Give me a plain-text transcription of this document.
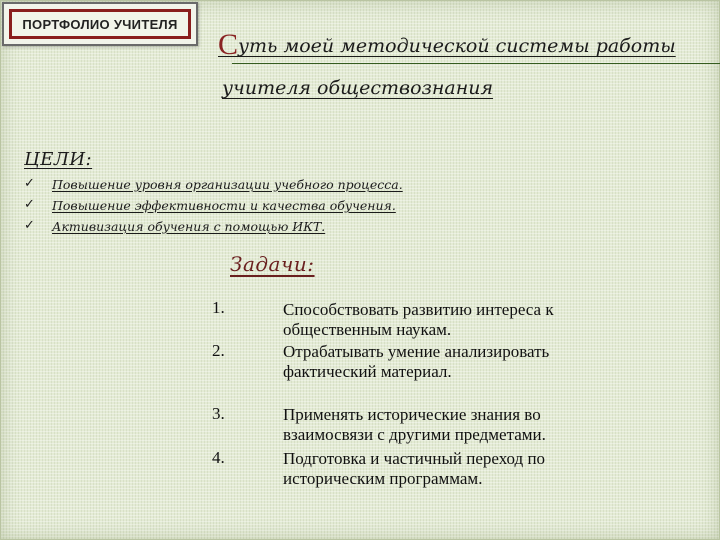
ПОРТФОЛИО УЧИТЕЛЯ
Суть моей методической системы работы
учителя обществознания
ЦЕЛИ:
✓ Повышение уровня организации учебного процесса.
✓ Повышение эффективности и качества обучения.
✓ Активизация обучения с помощью ИКТ.
Задачи:
1.	Способствовать развитию интереса к общественным наукам.
2.	Отрабатывать умение анализировать фактический материал.
3.	Применять исторические знания во взаимосвязи с другими предметами.
4.	Подготовка и частичный переход по историческим программам.
